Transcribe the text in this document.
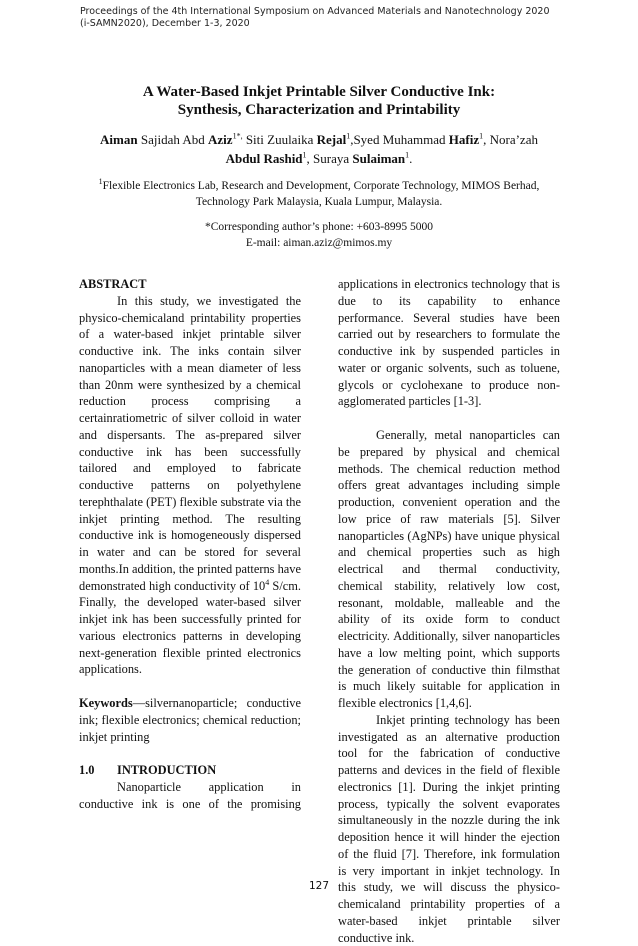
Proceedings of the 4th International Symposium on Advanced Materials and Nanotechnology 2020
(i-SAMN2020), December 1-3, 2020
A Water-Based Inkjet Printable Silver Conductive Ink:
Synthesis, Characterization and Printability
Aiman Sajidah Abd Aziz$^{1*,}$ Siti Zuulaika Rejal$^1$,Syed Muhammad Hafiz$^1$, Nora’zah
Abdul Rashid$^1$, Suraya Sulaiman$^1$.
$^1$Flexible Electronics Lab, Research and Development, Corporate Technology, MIMOS Berhad,
Technology Park Malaysia, Kuala Lumpur, Malaysia.
*Corresponding author’s phone: +603-8995 5000
E-mail: aiman.aziz@mimos.my

ABSTRACT

In this study, we investigated the physico-chemicaland printability properties of a water-based inkjet printable silver conductive ink. The inks contain silver nanoparticles with a mean diameter of less than 20nm were synthesized by a chemical reduction process comprising a certainratiometric of silver colloid in water and dispersants. The as-prepared silver conductive ink has been successfully tailored and employed to fabricate conductive patterns on polyethylene terephthalate (PET) flexible substrate via the inkjet printing method. The resulting conductive ink is homogeneously dispersed in water and can be stored for several months.In addition, the printed patterns have demonstrated high conductivity of $10^4$ S/cm. Finally, the developed water-based silver inkjet ink has been successfully printed for various electronics patterns in developing next-generation flexible printed electronics applications.

Keywords—silvernanoparticle; conductive ink; flexible electronics; chemical reduction; inkjet printing

1.0 INTRODUCTION

Nanoparticle application in conductive ink is one of the promising

applications in electronics technology that is due to its capability to enhance performance. Several studies have been carried out by researchers to formulate the conductive ink by suspended particles in water or organic solvents, such as toluene, glycols or cyclohexane to produce non-agglomerated particles [1-3].

Generally, metal nanoparticles can be prepared by physical and chemical methods. The chemical reduction method offers great advantages including simple production, convenient operation and the low price of raw materials [5]. Silver nanoparticles (AgNPs) have unique physical and chemical properties such as high electrical and thermal conductivity, chemical stability, relatively low cost, resonant, moldable, malleable and the ability of its oxide form to conduct electricity. Additionally, silver nanoparticles have a low melting point, which supports the generation of conductive thin filmsthat is much likely suitable for application in flexible electronics [1,4,6].

Inkjet printing technology has been investigated as an alternative production tool for the fabrication of conductive patterns and devices in the field of flexible electronics [1]. During the inkjet printing process, typically the solvent evaporates simultaneously in the nozzle during the ink deposition hence it will hinder the ejection of the fluid [7]. Therefore, ink formulation is very important in inkjet technology. In this study, we will discuss the physico-chemicaland printability properties of a water-based inkjet printable silver conductive ink.

127
